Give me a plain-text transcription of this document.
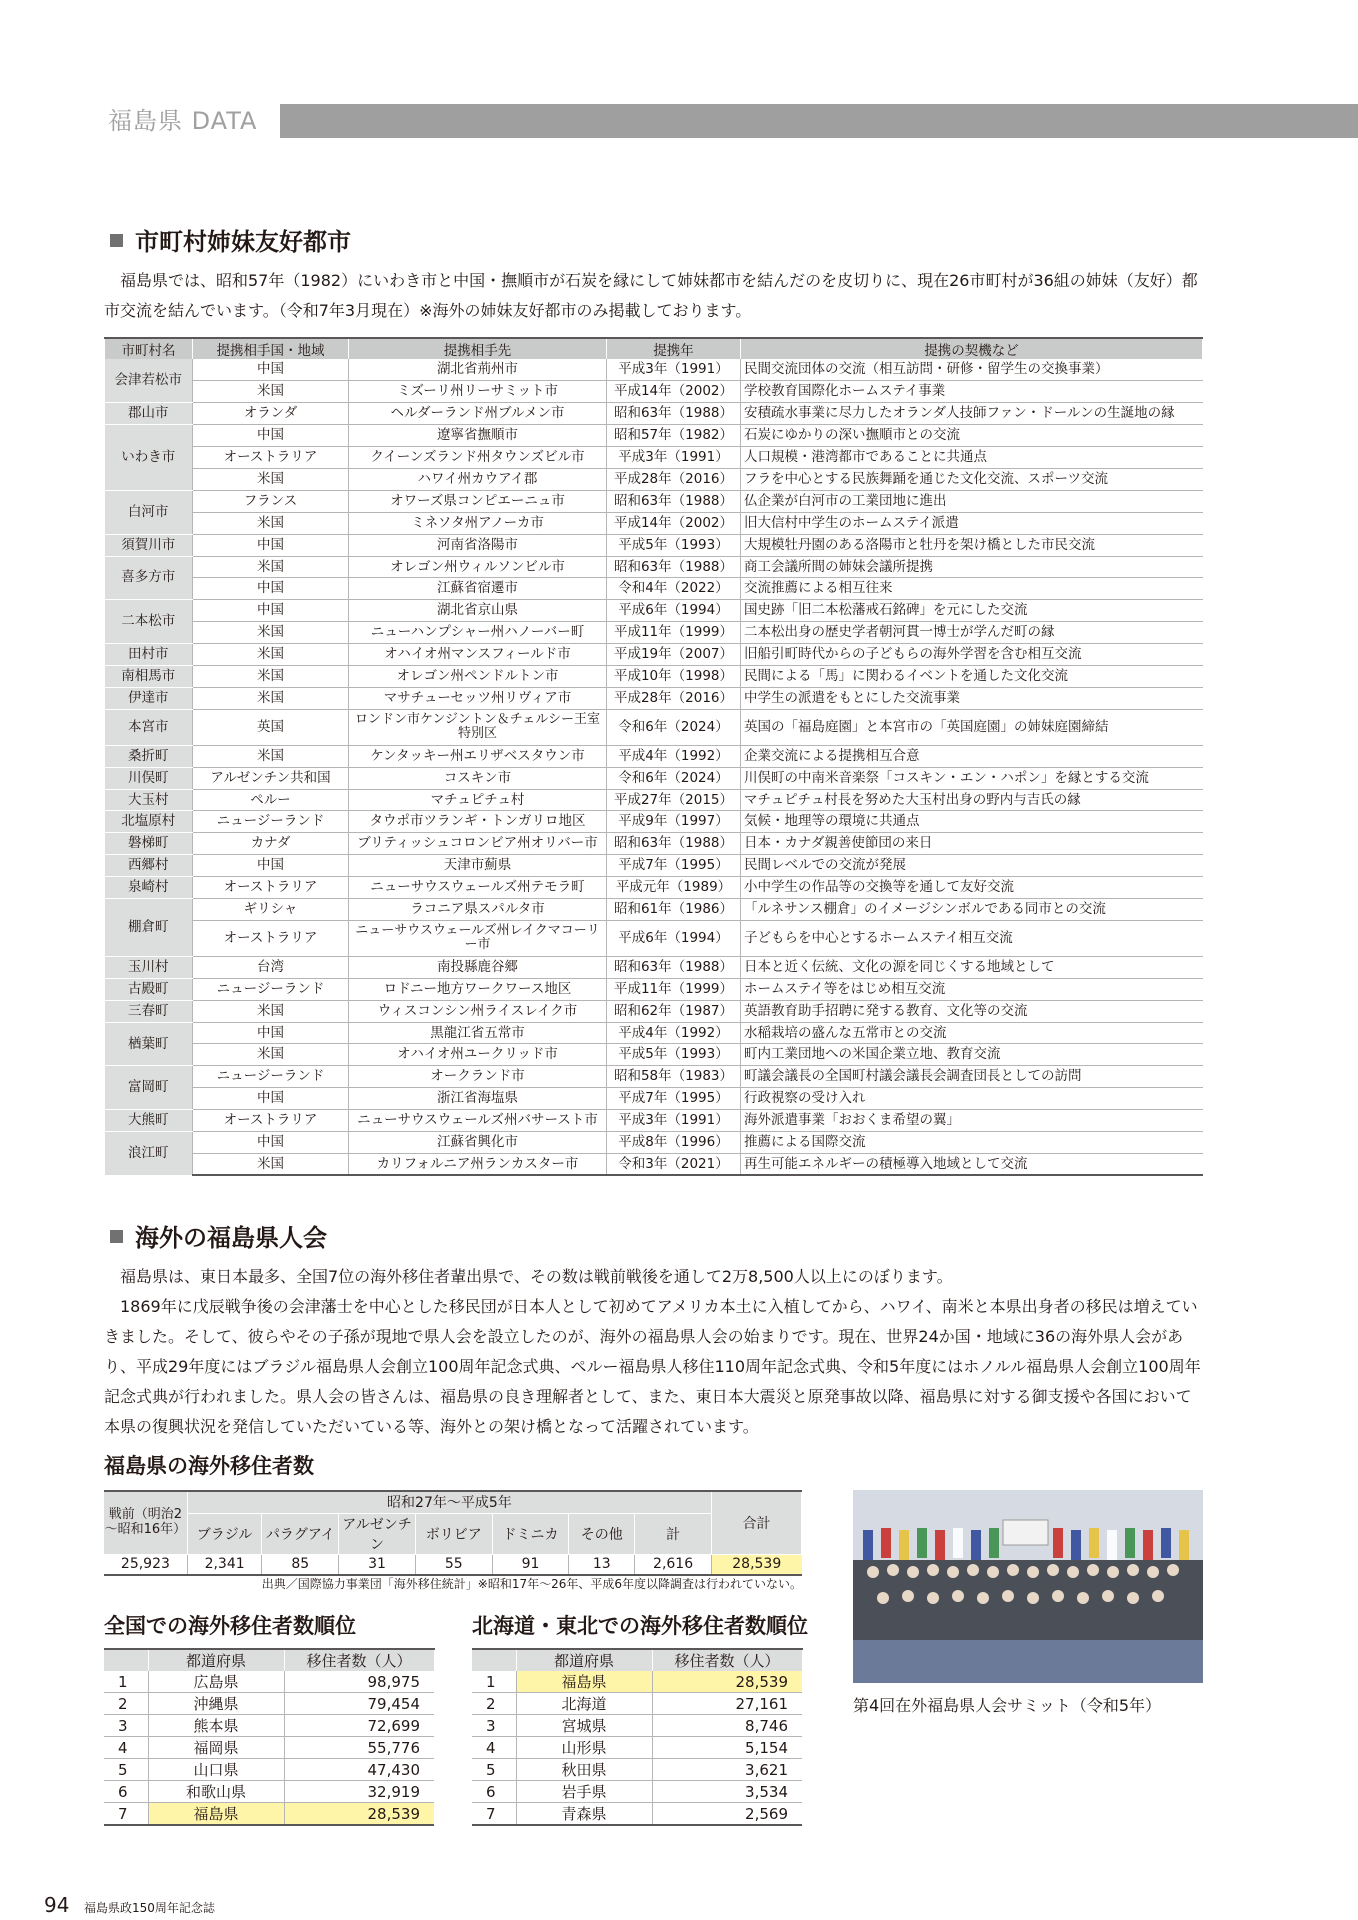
福島県 DATA
市町村姉妹友好都市
　福島県では、昭和57年（1982）にいわき市と中国・撫順市が石炭を縁にして姉妹都市を結んだのを皮切りに、現在26市町村が36組の姉妹（友好）都市交流を結んでいます。（令和7年3月現在）※海外の姉妹友好都市のみ掲載しております。
市町村名	提携相手国・地域	提携相手先	提携年	提携の契機など
会津若松市	中国	湖北省荊州市	平成3年（1991）	民間交流団体の交流（相互訪問・研修・留学生の交換事業）
	米国	ミズーリ州リーサミット市	平成14年（2002）	学校教育国際化ホームステイ事業
郡山市	オランダ	ヘルダーランド州ブルメン市	昭和63年（1988）	安積疏水事業に尽力したオランダ人技師ファン・ドールンの生誕地の縁
いわき市	中国	遼寧省撫順市	昭和57年（1982）	石炭にゆかりの深い撫順市との交流
	オーストラリア	クイーンズランド州タウンズビル市	平成3年（1991）	人口規模・港湾都市であることに共通点
	米国	ハワイ州カウアイ郡	平成28年（2016）	フラを中心とする民族舞踊を通じた文化交流、スポーツ交流
白河市	フランス	オワーズ県コンピエーニュ市	昭和63年（1988）	仏企業が白河市の工業団地に進出
	米国	ミネソタ州アノーカ市	平成14年（2002）	旧大信村中学生のホームステイ派遣
須賀川市	中国	河南省洛陽市	平成5年（1993）	大規模牡丹園のある洛陽市と牡丹を架け橋とした市民交流
喜多方市	米国	オレゴン州ウィルソンビル市	昭和63年（1988）	商工会議所間の姉妹会議所提携
	中国	江蘇省宿遷市	令和4年（2022）	交流推薦による相互往来
二本松市	中国	湖北省京山県	平成6年（1994）	国史跡「旧二本松藩戒石銘碑」を元にした交流
	米国	ニューハンプシャー州ハノーバー町	平成11年（1999）	二本松出身の歴史学者朝河貫一博士が学んだ町の縁
田村市	米国	オハイオ州マンスフィールド市	平成19年（2007）	旧船引町時代からの子どもらの海外学習を含む相互交流
南相馬市	米国	オレゴン州ペンドルトン市	平成10年（1998）	民間による「馬」に関わるイベントを通した文化交流
伊達市	米国	マサチューセッツ州リヴィア市	平成28年（2016）	中学生の派遣をもとにした交流事業
本宮市	英国	ロンドン市ケンジントン＆チェルシー王室特別区	令和6年（2024）	英国の「福島庭園」と本宮市の「英国庭園」の姉妹庭園締結
桑折町	米国	ケンタッキー州エリザベスタウン市	平成4年（1992）	企業交流による提携相互合意
川俣町	アルゼンチン共和国	コスキン市	令和6年（2024）	川俣町の中南米音楽祭「コスキン・エン・ハポン」を縁とする交流
大玉村	ペルー	マチュピチュ村	平成27年（2015）	マチュピチュ村長を努めた大玉村出身の野内与吉氏の縁
北塩原村	ニュージーランド	タウポ市ツランギ・トンガリロ地区	平成9年（1997）	気候・地理等の環境に共通点
磐梯町	カナダ	ブリティッシュコロンビア州オリバー市	昭和63年（1988）	日本・カナダ親善使節団の来日
西郷村	中国	天津市薊県	平成7年（1995）	民間レベルでの交流が発展
泉崎村	オーストラリア	ニューサウスウェールズ州テモラ町	平成元年（1989）	小中学生の作品等の交換等を通して友好交流
棚倉町	ギリシャ	ラコニア県スパルタ市	昭和61年（1986）	「ルネサンス棚倉」のイメージシンボルである同市との交流
	オーストラリア	ニューサウスウェールズ州レイクマコーリー市	平成6年（1994）	子どもらを中心とするホームステイ相互交流
玉川村	台湾	南投縣鹿谷郷	昭和63年（1988）	日本と近く伝統、文化の源を同じくする地域として
古殿町	ニュージーランド	ロドニー地方ワークワース地区	平成11年（1999）	ホームステイ等をはじめ相互交流
三春町	米国	ウィスコンシン州ライスレイク市	昭和62年（1987）	英語教育助手招聘に発する教育、文化等の交流
楢葉町	中国	黒龍江省五常市	平成4年（1992）	水稲栽培の盛んな五常市との交流
	米国	オハイオ州ユークリッド市	平成5年（1993）	町内工業団地への米国企業立地、教育交流
富岡町	ニュージーランド	オークランド市	昭和58年（1983）	町議会議長の全国町村議会議長会調査団長としての訪問
	中国	浙江省海塩県	平成7年（1995）	行政視察の受け入れ
大熊町	オーストラリア	ニューサウスウェールズ州バサースト市	平成3年（1991）	海外派遣事業「おおくま希望の翼」
浪江町	中国	江蘇省興化市	平成8年（1996）	推薦による国際交流
	米国	カリフォルニア州ランカスター市	令和3年（2021）	再生可能エネルギーの積極導入地域として交流
海外の福島県人会
　福島県は、東日本最多、全国7位の海外移住者輩出県で、その数は戦前戦後を通して2万8,500人以上にのぼります。
　1869年に戊辰戦争後の会津藩士を中心とした移民団が日本人として初めてアメリカ本土に入植してから、ハワイ、南米と本県出身者の移民は増えていきました。そして、彼らやその子孫が現地で県人会を設立したのが、海外の福島県人会の始まりです。現在、世界24か国・地域に36の海外県人会があり、平成29年度にはブラジル福島県人会創立100周年記念式典、ペルー福島県人移住110周年記念式典、令和5年度にはホノルル福島県人会創立100周年記念式典が行われました。県人会の皆さんは、福島県の良き理解者として、また、東日本大震災と原発事故以降、福島県に対する御支援や各国において本県の復興状況を発信していただいている等、海外との架け橋となって活躍されています。
福島県の海外移住者数
戦前（明治2～昭和16年）	昭和27年～平成5年							合計
	ブラジル	パラグアイ	アルゼンチン	ボリビア	ドミニカ	その他	計	
25,923	2,341	85	31	55	91	13	2,616	28,539
出典／国際協力事業団「海外移住統計」※昭和17年～26年、平成6年度以降調査は行われていない。
全国での海外移住者数順位
	都道府県	移住者数（人）
1	広島県	98,975
2	沖縄県	79,454
3	熊本県	72,699
4	福岡県	55,776
5	山口県	47,430
6	和歌山県	32,919
7	福島県	28,539
北海道・東北での海外移住者数順位
	都道府県	移住者数（人）
1	福島県	28,539
2	北海道	27,161
3	宮城県	8,746
4	山形県	5,154
5	秋田県	3,621
6	岩手県	3,534
7	青森県	2,569
第4回在外福島県人会サミット（令和5年）
94 福島県政150周年記念誌
